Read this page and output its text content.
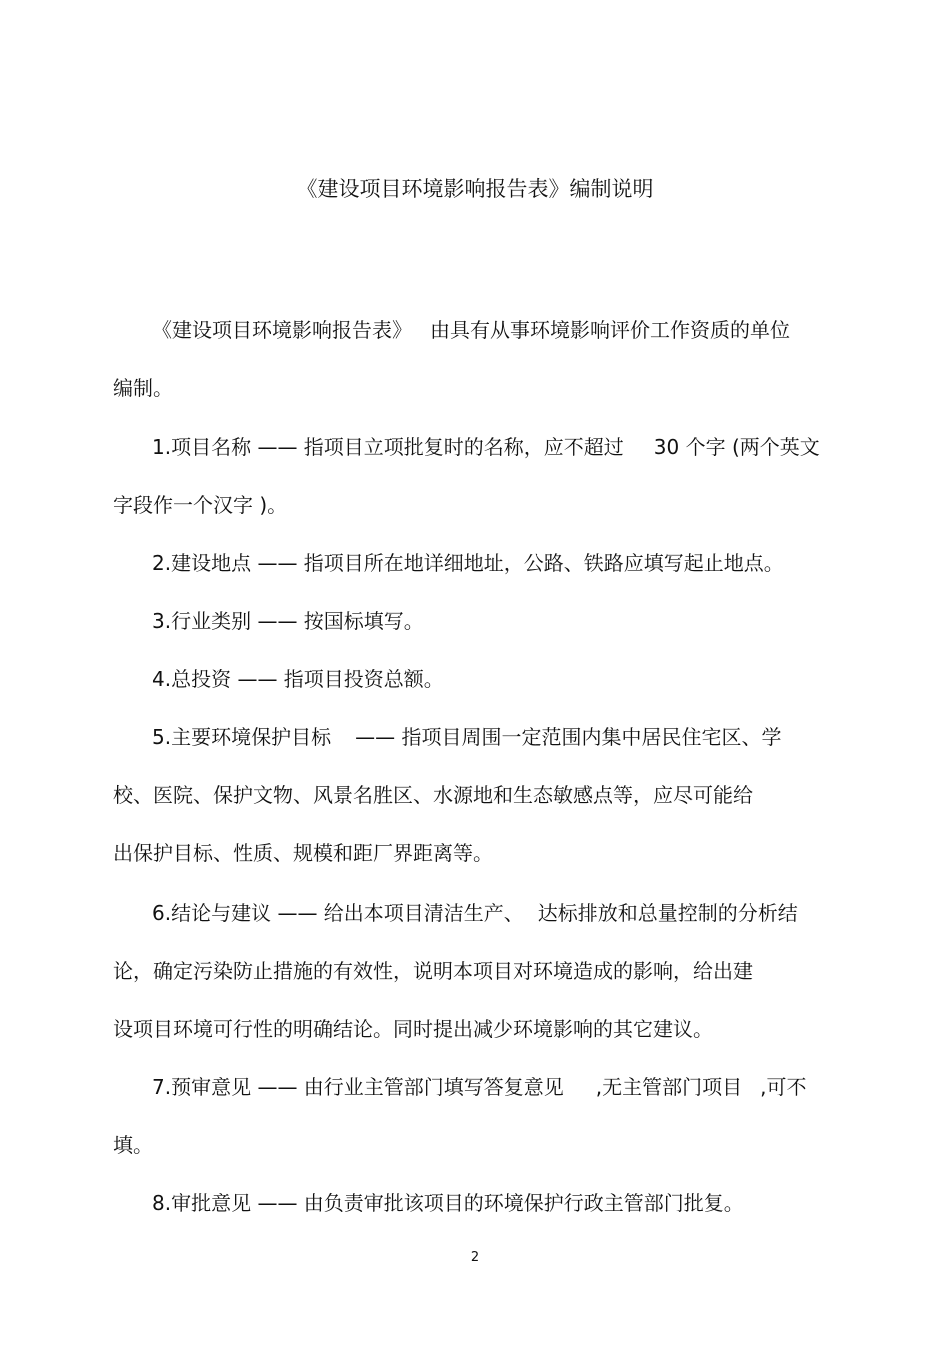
《建设项目环境影响报告表》编制说明
《建设项目环境影响报告表》 由具有从事环境影响评价工作资质的单位
编制。
1.项目名称 —— 指项目立项批复时的名称，应不超过 30 个字 (两个英文
字段作一个汉字 )。
2.建设地点 —— 指项目所在地详细地址，公路、铁路应填写起止地点。
3.行业类别 —— 按国标填写。
4.总投资 —— 指项目投资总额。
5.主要环境保护目标 —— 指项目周围一定范围内集中居民住宅区、学
校、医院、保护文物、风景名胜区、水源地和生态敏感点等，应尽可能给
出保护目标、性质、规模和距厂界距离等。
6.结论与建议 —— 给出本项目清洁生产、 达标排放和总量控制的分析结
论，确定污染防止措施的有效性，说明本项目对环境造成的影响，给出建
设项目环境可行性的明确结论。同时提出减少环境影响的其它建议。
7.预审意见 —— 由行业主管部门填写答复意见 ,无主管部门项目 ,可不
填。
8.审批意见 —— 由负责审批该项目的环境保护行政主管部门批复。
2
